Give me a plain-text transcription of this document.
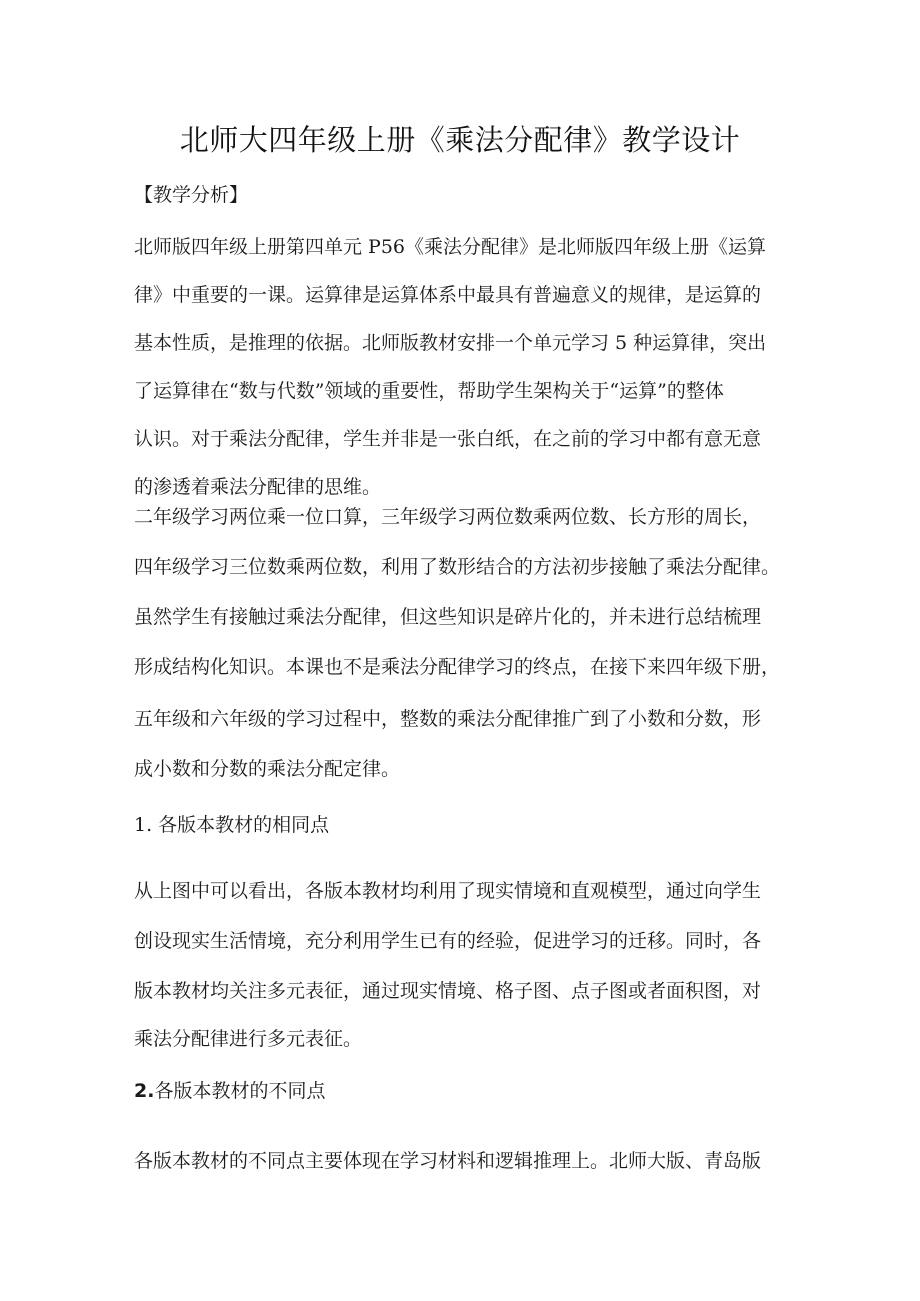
北师大四年级上册《乘法分配律》教学设计
【教学分析】
北师版四年级上册第四单元 P56《乘法分配律》是北师版四年级上册《运算
律》中重要的一课。运算律是运算体系中最具有普遍意义的规律，是运算的
基本性质，是推理的依据。北师版教材安排一个单元学习 5 种运算律，突出
了运算律在“数与代数”领域的重要性，帮助学生架构关于“运算”的整体
认识。对于乘法分配律，学生并非是一张白纸，在之前的学习中都有意无意
的渗透着乘法分配律的思维。
二年级学习两位乘一位口算，三年级学习两位数乘两位数、长方形的周长，
四年级学习三位数乘两位数，利用了数形结合的方法初步接触了乘法分配律。
虽然学生有接触过乘法分配律，但这些知识是碎片化的，并未进行总结梳理
形成结构化知识。本课也不是乘法分配律学习的终点，在接下来四年级下册，
五年级和六年级的学习过程中，整数的乘法分配律推广到了小数和分数，形
成小数和分数的乘法分配定律。
1. 各版本教材的相同点
从上图中可以看出，各版本教材均利用了现实情境和直观模型，通过向学生
创设现实生活情境，充分利用学生已有的经验，促进学习的迁移。同时，各
版本教材均关注多元表征，通过现实情境、格子图、点子图或者面积图，对
乘法分配律进行多元表征。
2.各版本教材的不同点
各版本教材的不同点主要体现在学习材料和逻辑推理上。北师大版、青岛版
